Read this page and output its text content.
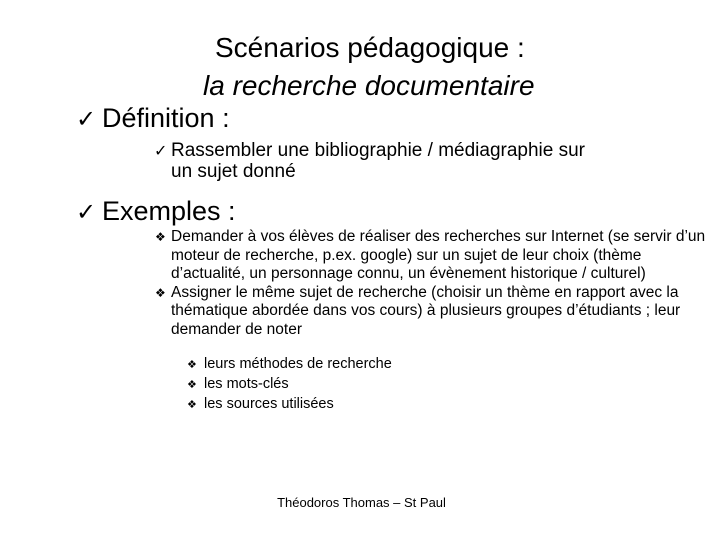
Scénarios pédagogique :
la recherche documentaire
✓ Définition :
✓ Rassembler une bibliographie / médiagraphie sur
un sujet donné
✓ Exemples :
❖ Demander à vos élèves de réaliser des recherches sur Internet (se servir d’un moteur de recherche, p.ex. google) sur un sujet de leur choix (thème d’actualité, un personnage connu, un évènement historique / culturel)
❖ Assigner le même sujet de recherche (choisir un thème en rapport avec la thématique abordée dans vos cours) à plusieurs groupes d’étudiants ; leur demander de noter
❖ leurs méthodes de recherche
❖ les mots-clés
❖ les sources utilisées
Théodoros Thomas – St Paul
